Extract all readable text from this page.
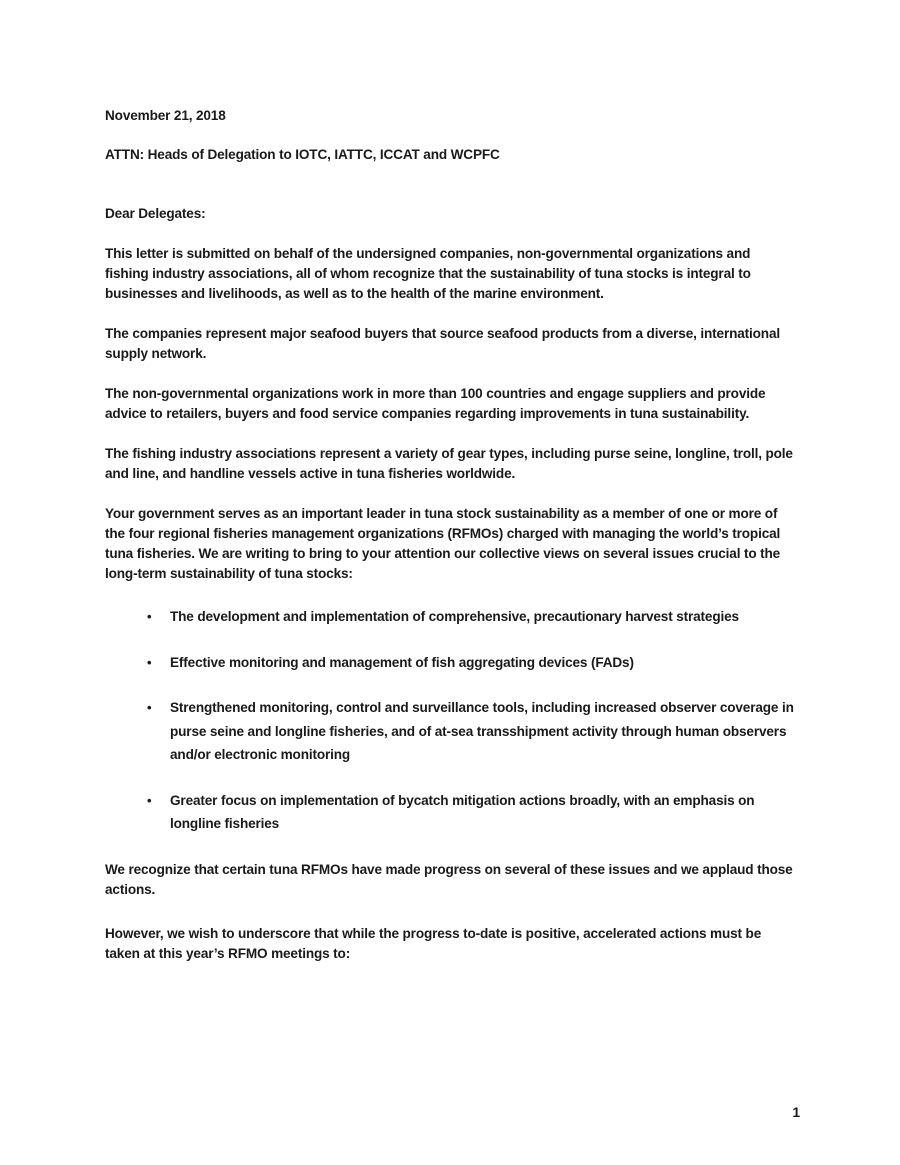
November 21, 2018

ATTN: Heads of Delegation to IOTC, IATTC, ICCAT and WCPFC

Dear Delegates:

This letter is submitted on behalf of the undersigned companies, non-governmental organizations and fishing industry associations, all of whom recognize that the sustainability of tuna stocks is integral to businesses and livelihoods, as well as to the health of the marine environment.

The companies represent major seafood buyers that source seafood products from a diverse, international supply network.

The non-governmental organizations work in more than 100 countries and engage suppliers and provide advice to retailers, buyers and food service companies regarding improvements in tuna sustainability.

The fishing industry associations represent a variety of gear types, including purse seine, longline, troll, pole and line, and handline vessels active in tuna fisheries worldwide.

Your government serves as an important leader in tuna stock sustainability as a member of one or more of the four regional fisheries management organizations (RFMOs) charged with managing the world’s tropical tuna fisheries. We are writing to bring to your attention our collective views on several issues crucial to the long-term sustainability of tuna stocks:

• The development and implementation of comprehensive, precautionary harvest strategies
• Effective monitoring and management of fish aggregating devices (FADs)
• Strengthened monitoring, control and surveillance tools, including increased observer coverage in purse seine and longline fisheries, and of at-sea transshipment activity through human observers and/or electronic monitoring
• Greater focus on implementation of bycatch mitigation actions broadly, with an emphasis on longline fisheries

We recognize that certain tuna RFMOs have made progress on several of these issues and we applaud those actions.

However, we wish to underscore that while the progress to-date is positive, accelerated actions must be taken at this year’s RFMO meetings to:

1
